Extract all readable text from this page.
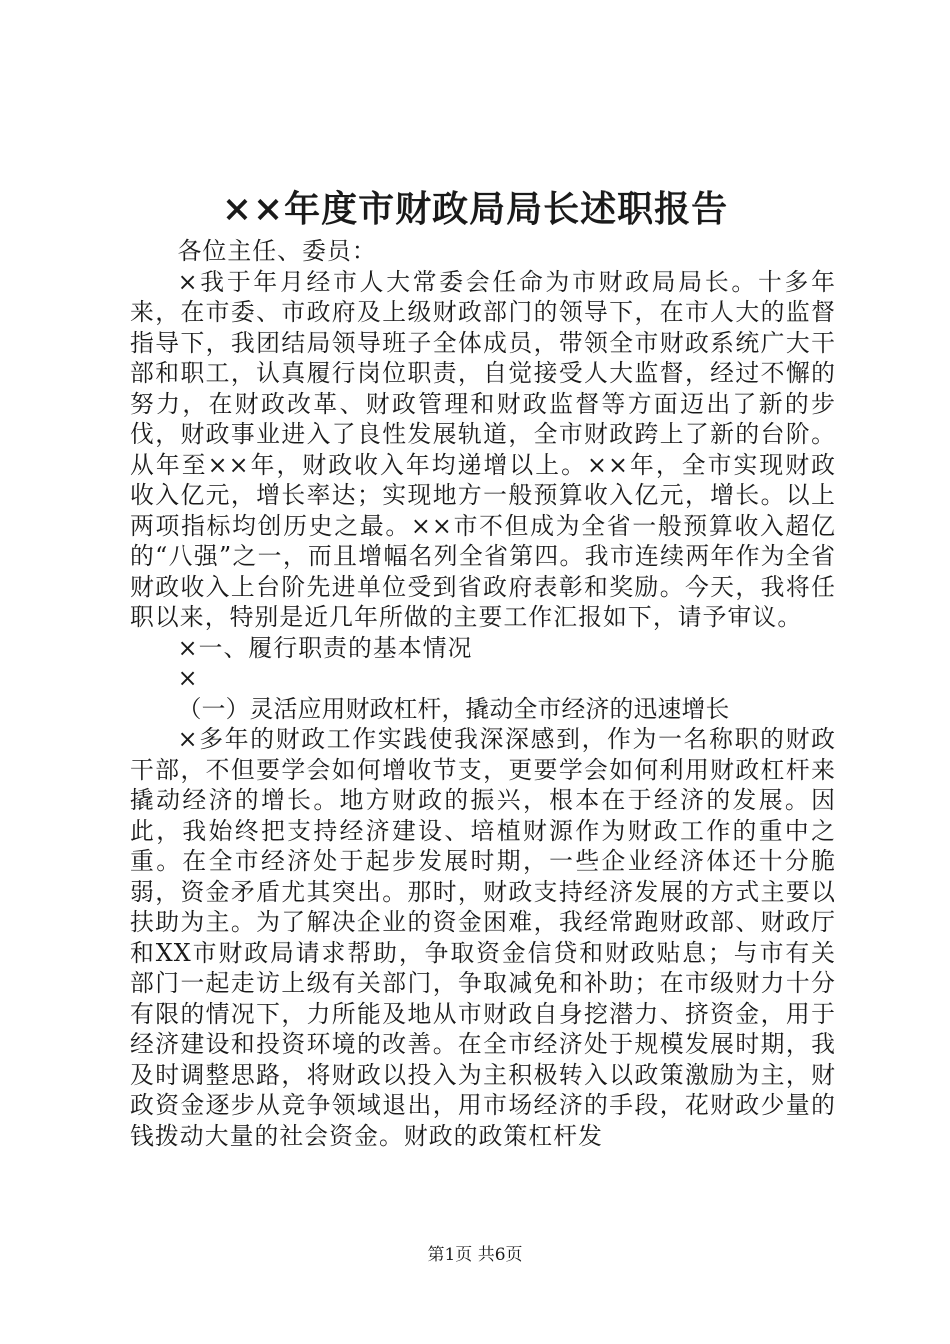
××年度市财政局局长述职报告

各位主任、委员：

×我于年月经市人大常委会任命为市财政局局长。十多年来，在市委、市政府及上级财政部门的领导下，在市人大的监督指导下，我团结局领导班子全体成员，带领全市财政系统广大干部和职工，认真履行岗位职责，自觉接受人大监督，经过不懈的努力，在财政改革、财政管理和财政监督等方面迈出了新的步伐，财政事业进入了良性发展轨道，全市财政跨上了新的台阶。从年至××年，财政收入年均递增以上。××年，全市实现财政收入亿元，增长率达；实现地方一般预算收入亿元，增长。以上两项指标均创历史之最。××市不但成为全省一般预算收入超亿的“八强”之一，而且增幅名列全省第四。我市连续两年作为全省财政收入上台阶先进单位受到省政府表彰和奖励。今天，我将任职以来，特别是近几年所做的主要工作汇报如下，请予审议。

×一、履行职责的基本情况

×

（一）灵活应用财政杠杆，撬动全市经济的迅速增长

×多年的财政工作实践使我深深感到，作为一名称职的财政干部，不但要学会如何增收节支，更要学会如何利用财政杠杆来撬动经济的增长。地方财政的振兴，根本在于经济的发展。因此，我始终把支持经济建设、培植财源作为财政工作的重中之重。在全市经济处于起步发展时期，一些企业经济体还十分脆弱，资金矛盾尤其突出。那时，财政支持经济发展的方式主要以扶助为主。为了解决企业的资金困难，我经常跑财政部、财政厅和XX市财政局请求帮助，争取资金信贷和财政贴息；与市有关部门一起走访上级有关部门，争取减免和补助；在市级财力十分有限的情况下，力所能及地从市财政自身挖潜力、挤资金，用于经济建设和投资环境的改善。在全市经济处于规模发展时期，我及时调整思路，将财政以投入为主积极转入以政策激励为主，财政资金逐步从竞争领域退出，用市场经济的手段，花财政少量的钱拨动大量的社会资金。财政的政策杠杆发

第1页 共6页
